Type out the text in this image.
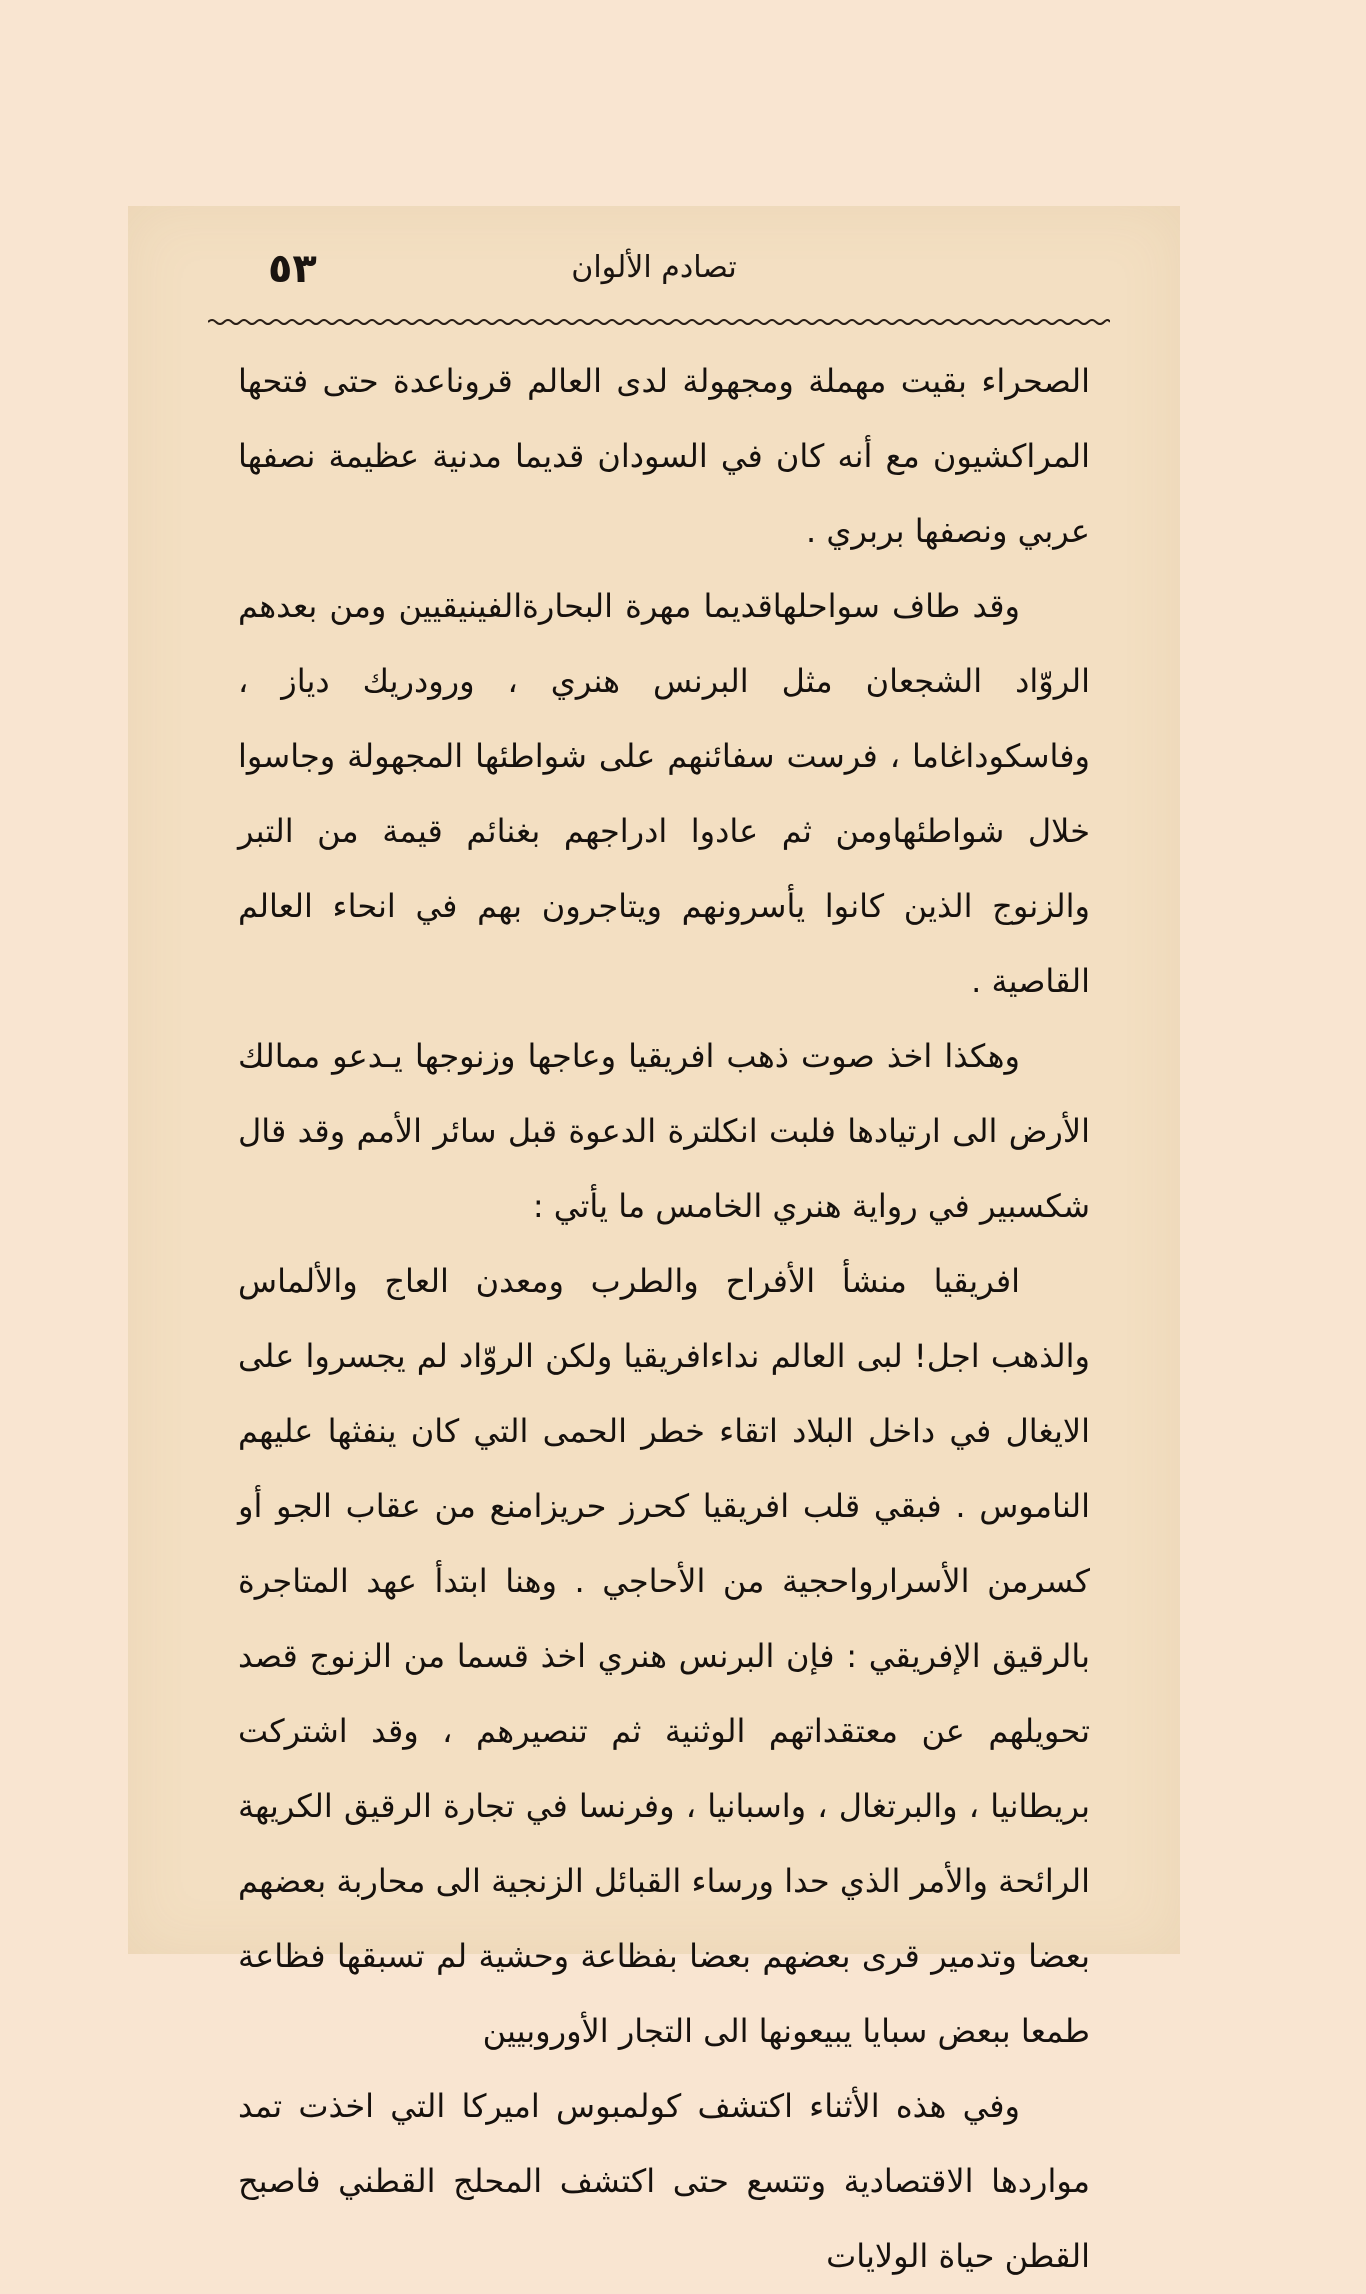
٥٣	تصادم الألوان

الصحراء بقيت مهملة ومجهولة لدى العالم قروناعدة حتى فتحها المراكشيون مع أنه كان في السودان قديما مدنية عظيمة نصفها عربي ونصفها بربري .

وقد طاف سواحلهاقديما مهرة البحارةالفينيقيين ومن بعدهم الروّاد الشجعان مثل البرنس هنري ، ورودريك دياز ، وفاسكوداغاما ، فرست سفائنهم على شواطئها المجهولة وجاسوا خلال شواطئهاومن ثم عادوا ادراجهم بغنائم قيمة من التبر والزنوج الذين كانوا يأسرونهم ويتاجرون بهم في انحاء العالم القاصية .

وهكذا اخذ صوت ذهب افريقيا وعاجها وزنوجها يـدعو ممالك الأرض الى ارتيادها فلبت انكلترة الدعوة قبل سائر الأمم وقد قال شكسبير في رواية هنري الخامس ما يأتي :

افريقيا منشأ الأفراح والطرب ومعدن العاج والألماس والذهب اجل! لبى العالم نداءافريقيا ولكن الروّاد لم يجسروا على الايغال في داخل البلاد اتقاء خطر الحمى التي كان ينفثها عليهم الناموس . فبقي قلب افريقيا كحرز حريزامنع من عقاب الجو أو كسرمن الأسرارواحجية من الأحاجي . وهنا ابتدأ عهد المتاجرة بالرقيق الإفريقي : فإن البرنس هنري اخذ قسما من الزنوج قصد تحويلهم عن معتقداتهم الوثنية ثم تنصيرهم ، وقد اشتركت بريطانيا ، والبرتغال ، واسبانيا ، وفرنسا في تجارة الرقيق الكريهة الرائحة والأمر الذي حدا ورساء القبائل الزنجية الى محاربة بعضهم بعضا وتدمير قرى بعضهم بعضا بفظاعة وحشية لم تسبقها فظاعة طمعا ببعض سبايا يبيعونها الى التجار الأوروبيين

وفي هذه الأثناء اكتشف كولمبوس اميركا التي اخذت تمد مواردها الاقتصادية وتتسع حتى اكتشف المحلج القطني فاصبح القطن حياة الولايات
